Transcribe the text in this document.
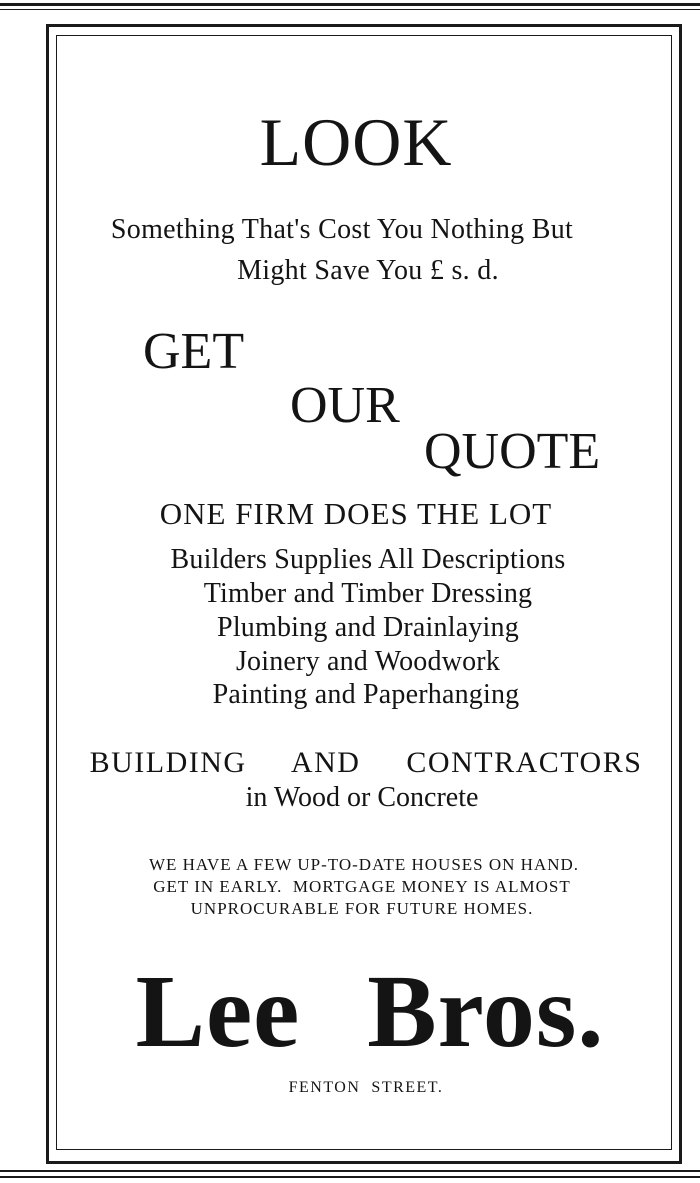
LOOK

Something That's Cost You Nothing But

Might Save You £ s. d.

GET

OUR

QUOTE

ONE FIRM DOES THE LOT

Builders Supplies All Descriptions

Timber and Timber Dressing

Plumbing and Drainlaying

Joinery and Woodwork

Painting and Paperhanging

BUILDING  AND  CONTRACTORS

in Wood or Concrete

WE HAVE A FEW UP-TO-DATE HOUSES ON HAND.

GET IN EARLY.  MORTGAGE MONEY IS ALMOST

UNPROCURABLE FOR FUTURE HOMES.

Lee Bros.

FENTON  STREET.
